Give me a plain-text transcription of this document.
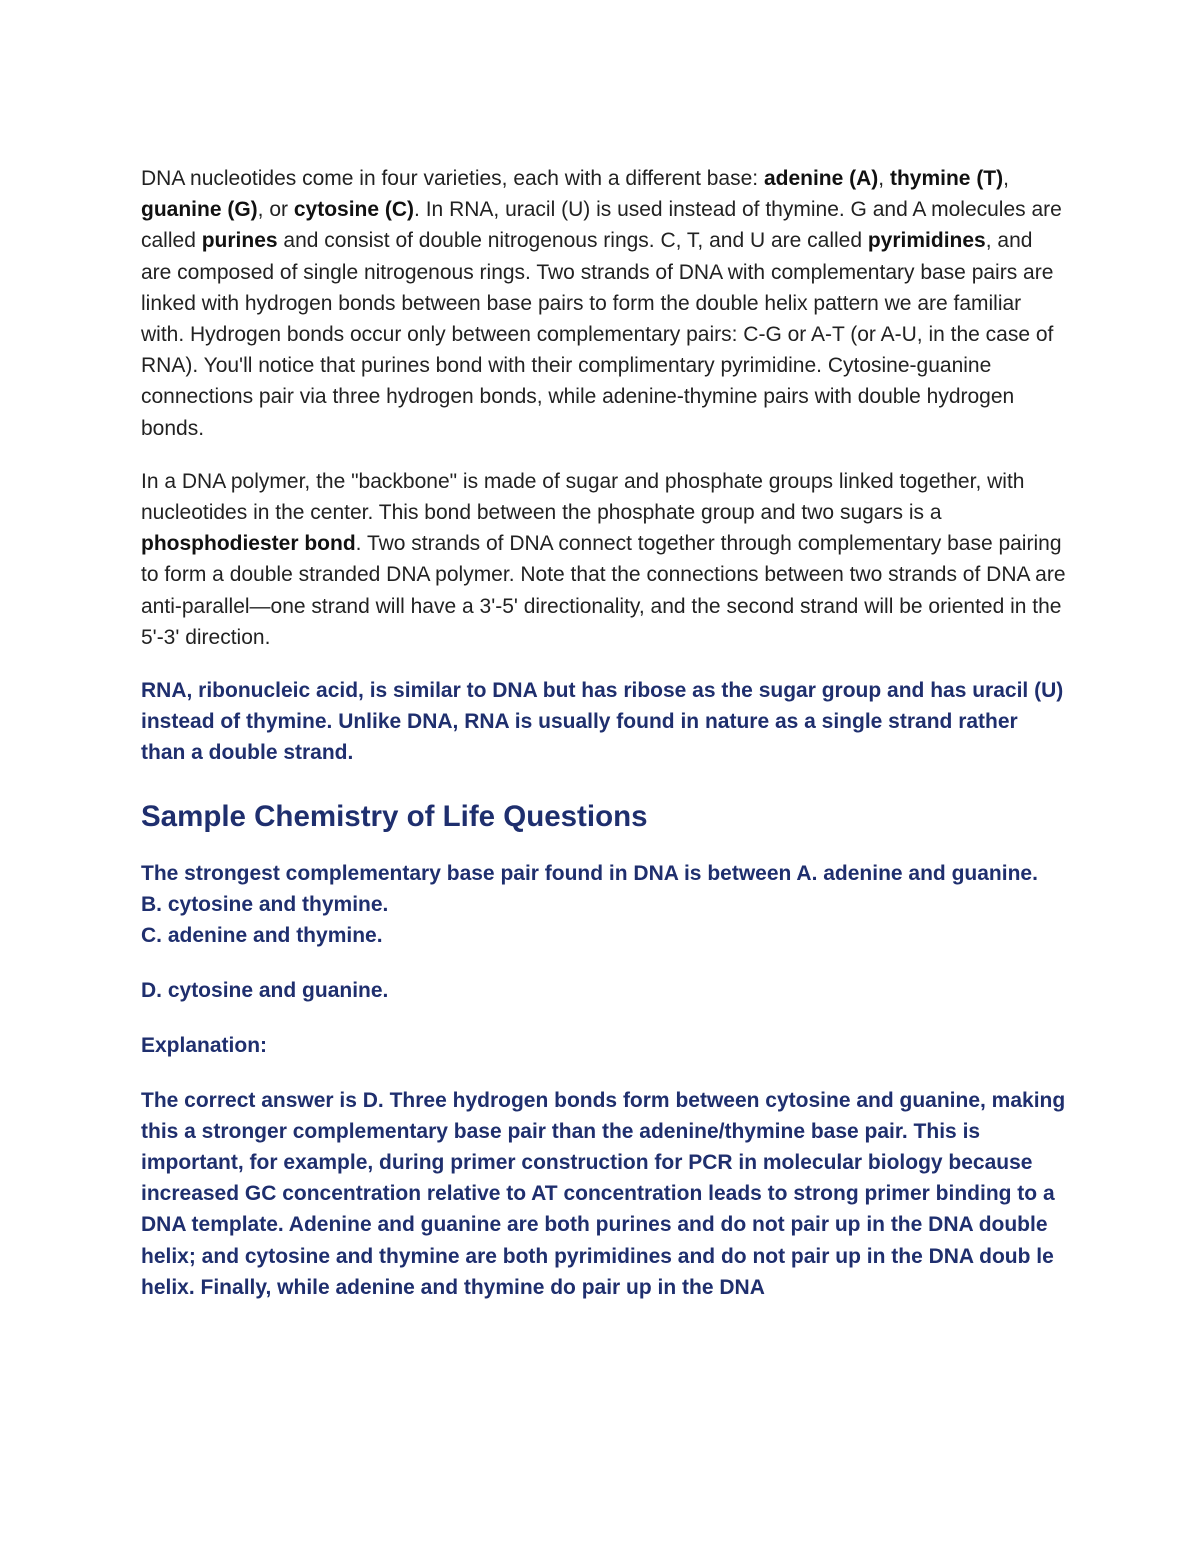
DNA nucleotides come in four varieties, each with a different base: adenine (A), thymine (T), guanine (G), or cytosine (C). In RNA, uracil (U) is used instead of thymine. G and A molecules are called purines and consist of double nitrogenous rings. C, T, and U are called pyrimidines, and are composed of single nitrogenous rings. Two strands of DNA with complementary base pairs are linked with hydrogen bonds between base pairs to form the double helix pattern we are familiar with. Hydrogen bonds occur only between complementary pairs: C-G or A-T (or A-U, in the case of RNA). You'll notice that purines bond with their complimentary pyrimidine. Cytosine-guanine connections pair via three hydrogen bonds, while adenine-thymine pairs with double hydrogen bonds.

In a DNA polymer, the "backbone" is made of sugar and phosphate groups linked together, with nucleotides in the center. This bond between the phosphate group and two sugars is a phosphodiester bond. Two strands of DNA connect together through complementary base pairing to form a double stranded DNA polymer. Note that the connections between two strands of DNA are anti-parallel—one strand will have a 3'-5' directionality, and the second strand will be oriented in the 5'-3' direction.

RNA, ribonucleic acid, is similar to DNA but has ribose as the sugar group and has uracil (U) instead of thymine. Unlike DNA, RNA is usually found in nature as a single strand rather than a double strand.

Sample Chemistry of Life Questions

The strongest complementary base pair found in DNA is between A. adenine and guanine.

B. cytosine and thymine.

C. adenine and thymine.

D. cytosine and guanine.

Explanation:

The correct answer is D. Three hydrogen bonds form between cytosine and guanine, making this a stronger complementary base pair than the adenine/thymine base pair. This is important, for example, during primer construction for PCR in molecular biology because increased GC concentration relative to AT concentration leads to strong primer binding to a DNA template. Adenine and guanine are both purines and do not pair up in the DNA double helix; and cytosine and thymine are both pyrimidines and do not pair up in the DNA doub le helix. Finally, while adenine and thymine do pair up in the DNA
